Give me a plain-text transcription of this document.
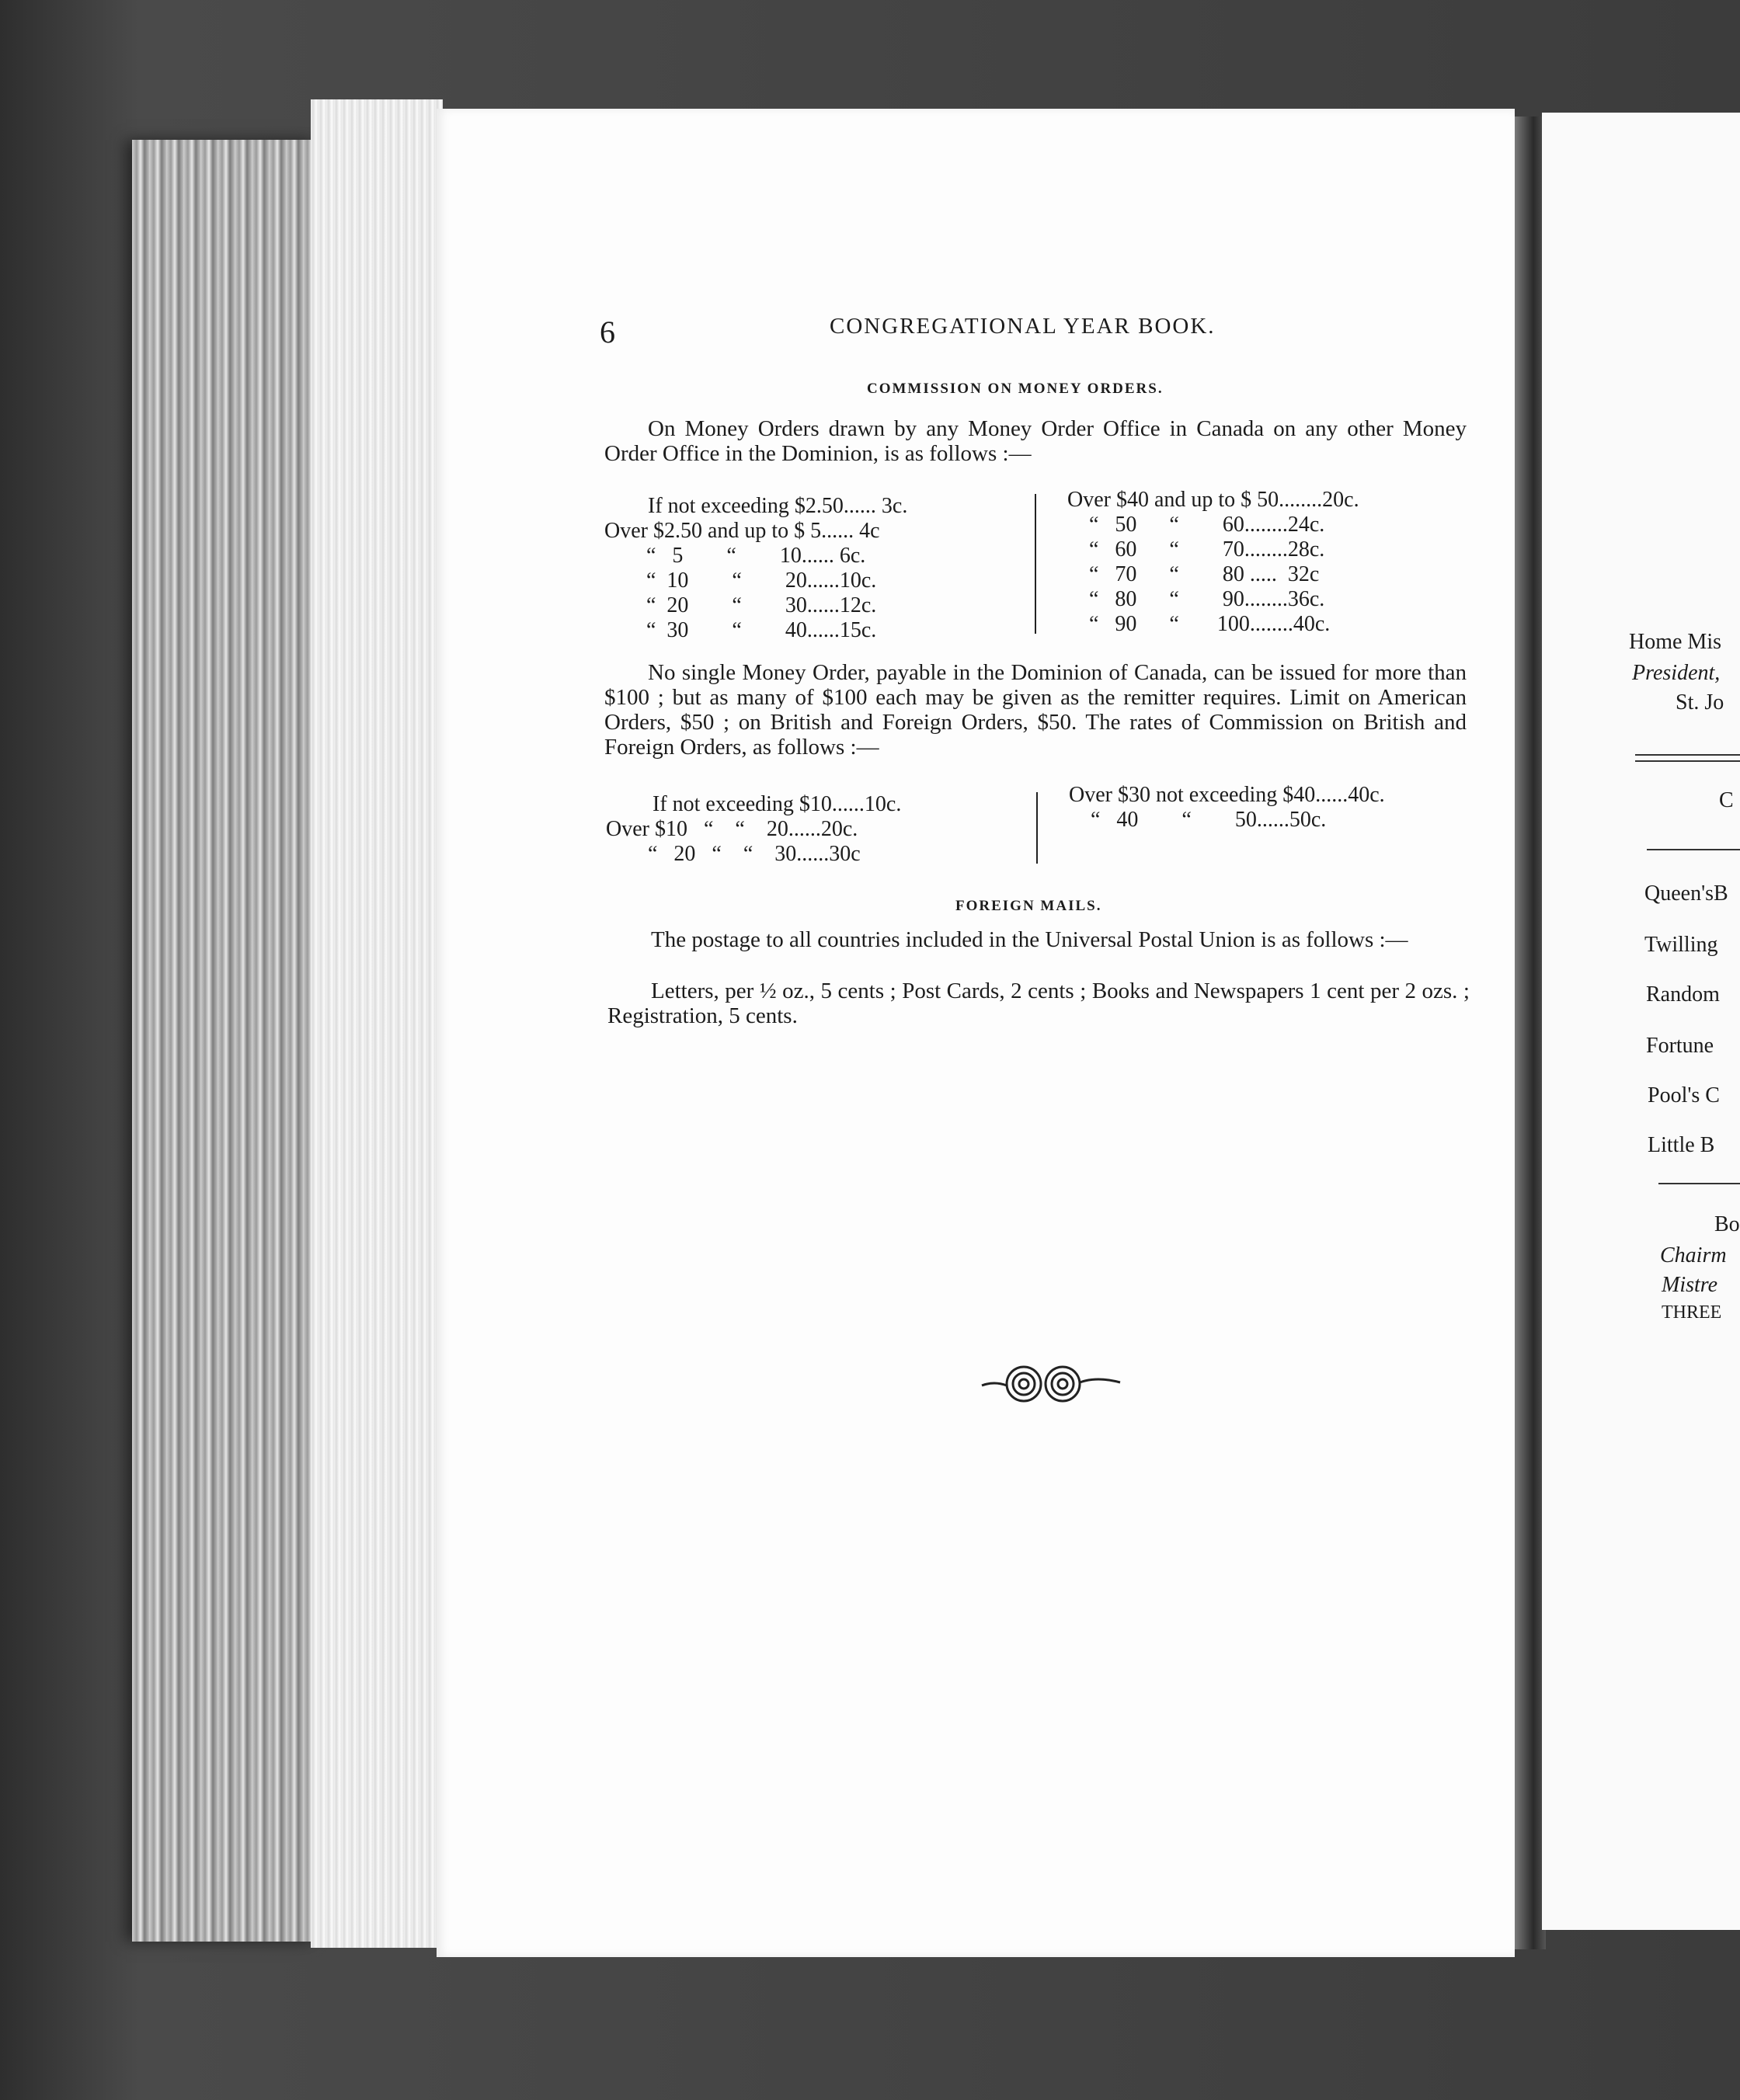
6	CONGREGATIONAL YEAR BOOK.
COMMISSION ON MONEY ORDERS.
On Money Orders drawn by any Money Order Office in Canada on any other Money Order Office in the Dominion, is as follows :—
If not exceeding $2.50...... 3c.
Over $2.50 and up to $ 5...... 4c
“   5        “        10...... 6c.
“  10        “        20......10c.
“  20        “        30......12c.
“  30        “        40......15c.
Over $40 and up to $ 50........20c.
“   50      “        60........24c.
“   60      “        70........28c.
“   70      “        80 .....  32c
“   80      “        90........36c.
“   90      “       100........40c.
No single Money Order, payable in the Dominion of Canada, can be issued for more than $100 ; but as many of $100 each may be given as the remitter requires. Limit on American Orders, $50 ; on British and Foreign Orders, $50. The rates of Commission on British and Foreign Orders, as follows :—
If not exceeding $10......10c.
Over $10   “    “    20......20c.
“   20   “    “    30......30c
Over $30 not exceeding $40......40c.
“   40        “        50......50c.
FOREIGN MAILS.
The postage to all countries included in the Universal Postal Union is as follows :—
Letters, per ½ oz., 5 cents ; Post Cards, 2 cents ; Books and Newspapers 1 cent per 2 ozs. ; Registration, 5 cents.
Home Mis
President,
St. Jo
C
Queen'sB
Twilling
Random
Fortune
Pool's C
Little B
Bo
Chairm
Mistre
THREE
